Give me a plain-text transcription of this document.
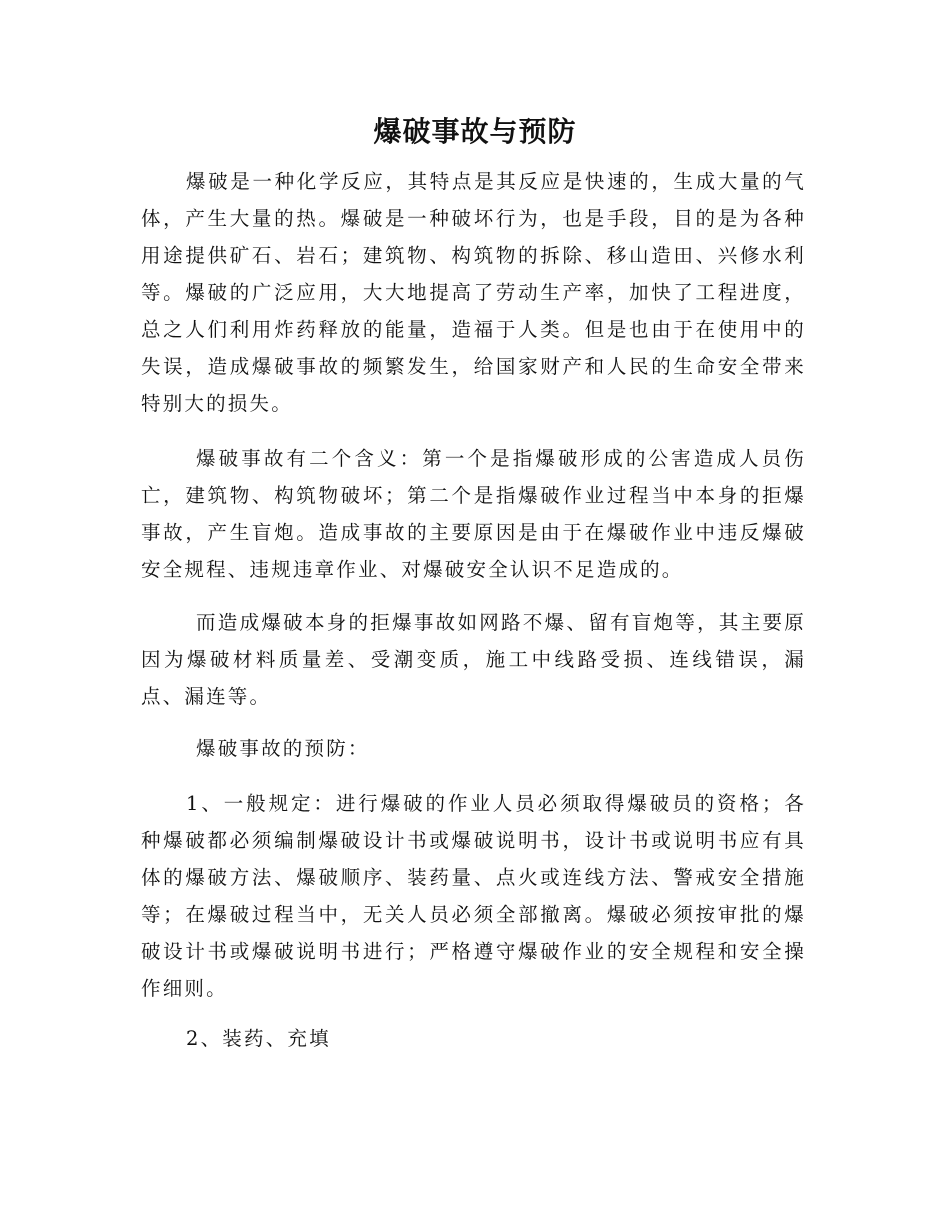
爆破事故与预防

爆破是一种化学反应，其特点是其反应是快速的，生成大量的气体，产生大量的热。爆破是一种破坏行为，也是手段，目的是为各种用途提供矿石、岩石；建筑物、构筑物的拆除、移山造田、兴修水利等。爆破的广泛应用，大大地提高了劳动生产率，加快了工程进度，总之人们利用炸药释放的能量，造福于人类。但是也由于在使用中的失误，造成爆破事故的频繁发生，给国家财产和人民的生命安全带来特别大的损失。

爆破事故有二个含义：第一个是指爆破形成的公害造成人员伤亡，建筑物、构筑物破坏；第二个是指爆破作业过程当中本身的拒爆事故，产生盲炮。造成事故的主要原因是由于在爆破作业中违反爆破安全规程、违规违章作业、对爆破安全认识不足造成的。

而造成爆破本身的拒爆事故如网路不爆、留有盲炮等，其主要原因为爆破材料质量差、受潮变质，施工中线路受损、连线错误，漏点、漏连等。

爆破事故的预防：

1、一般规定：进行爆破的作业人员必须取得爆破员的资格；各种爆破都必须编制爆破设计书或爆破说明书，设计书或说明书应有具体的爆破方法、爆破顺序、装药量、点火或连线方法、警戒安全措施等；在爆破过程当中，无关人员必须全部撤离。爆破必须按审批的爆破设计书或爆破说明书进行；严格遵守爆破作业的安全规程和安全操作细则。

2、装药、充填
